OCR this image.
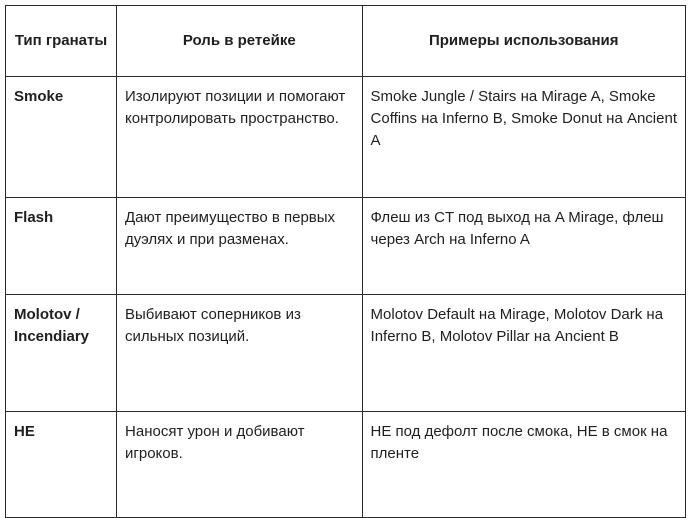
Тип гранаты	Роль в ретейке	Примеры использования
Smoke	Изолируют позиции и помогают контролировать пространство.	Smoke Jungle / Stairs на Mirage A, Smoke Coffins на Inferno B, Smoke Donut на Ancient A
Flash	Дают преимущество в первых дуэлях и при разменах.	Флеш из CT под выход на A Mirage, флеш через Arch на Inferno A
Molotov / Incendiary	Выбивают соперников из сильных позиций.	Molotov Default на Mirage, Molotov Dark на Inferno B, Molotov Pillar на Ancient B
HE	Наносят урон и добивают игроков.	HE под дефолт после смока, HE в смок на пленте
